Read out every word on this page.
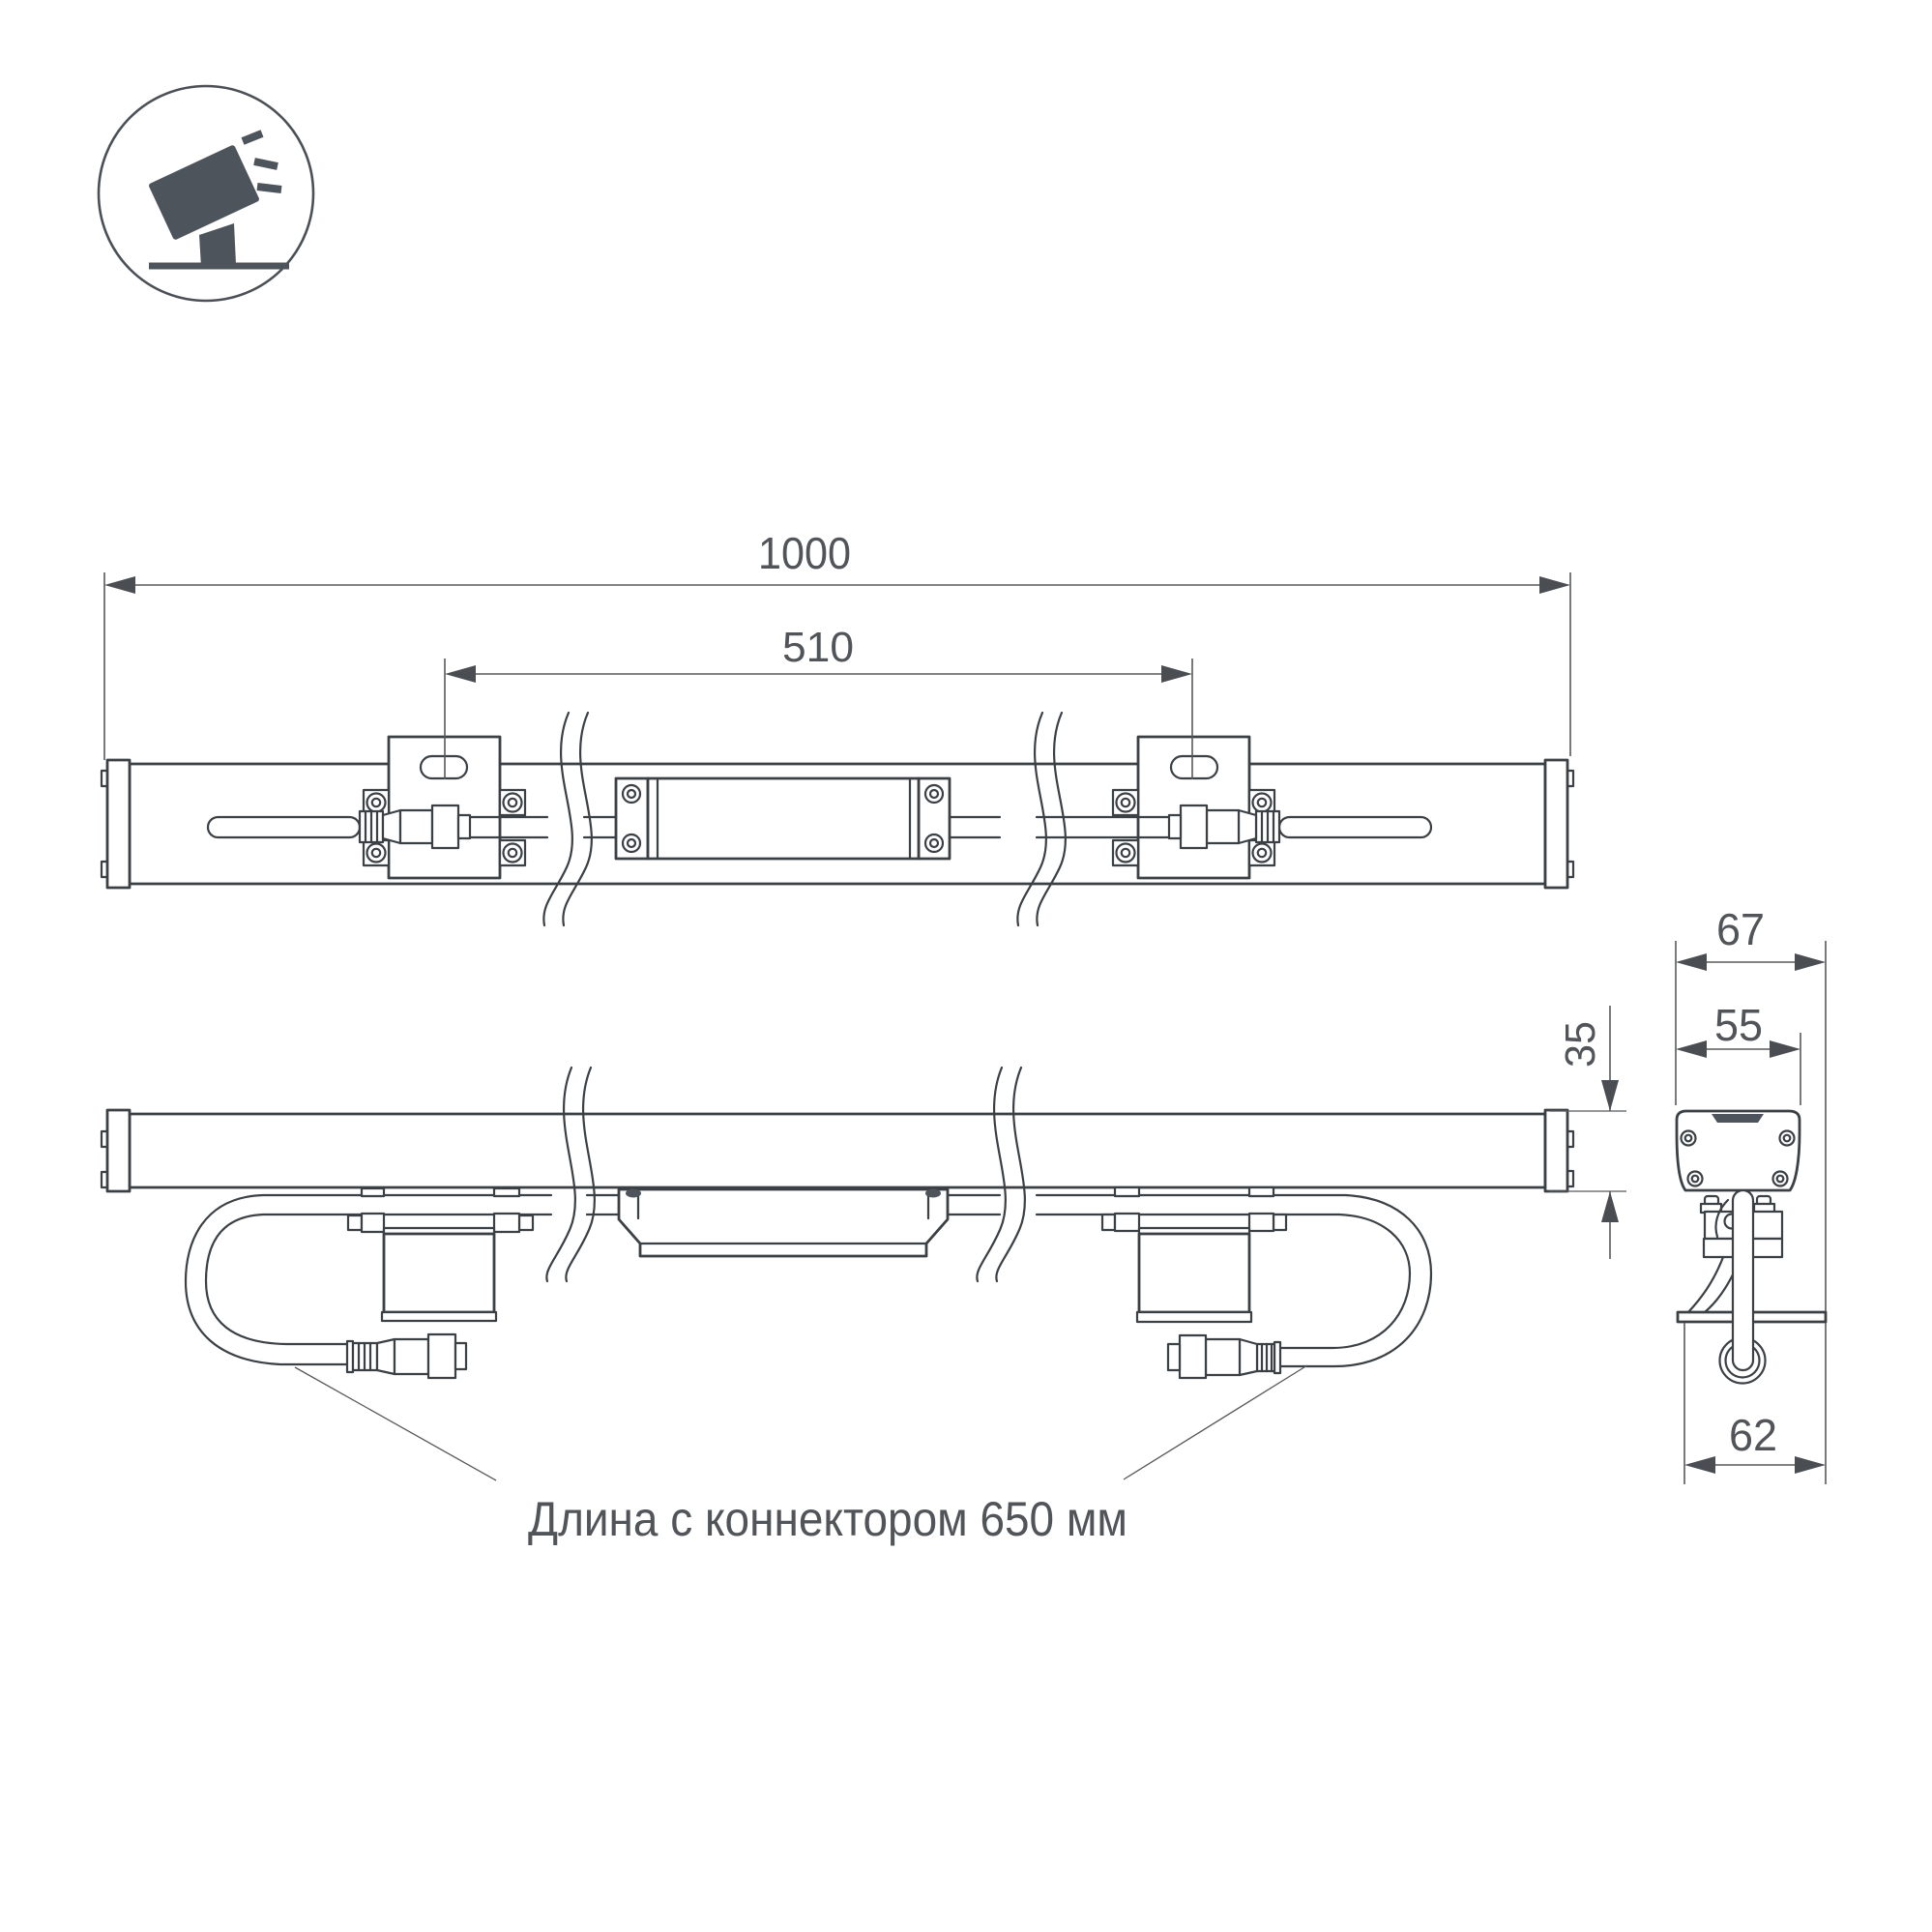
1000
510
35
Длина с коннектором 650 мм
67
55
62
